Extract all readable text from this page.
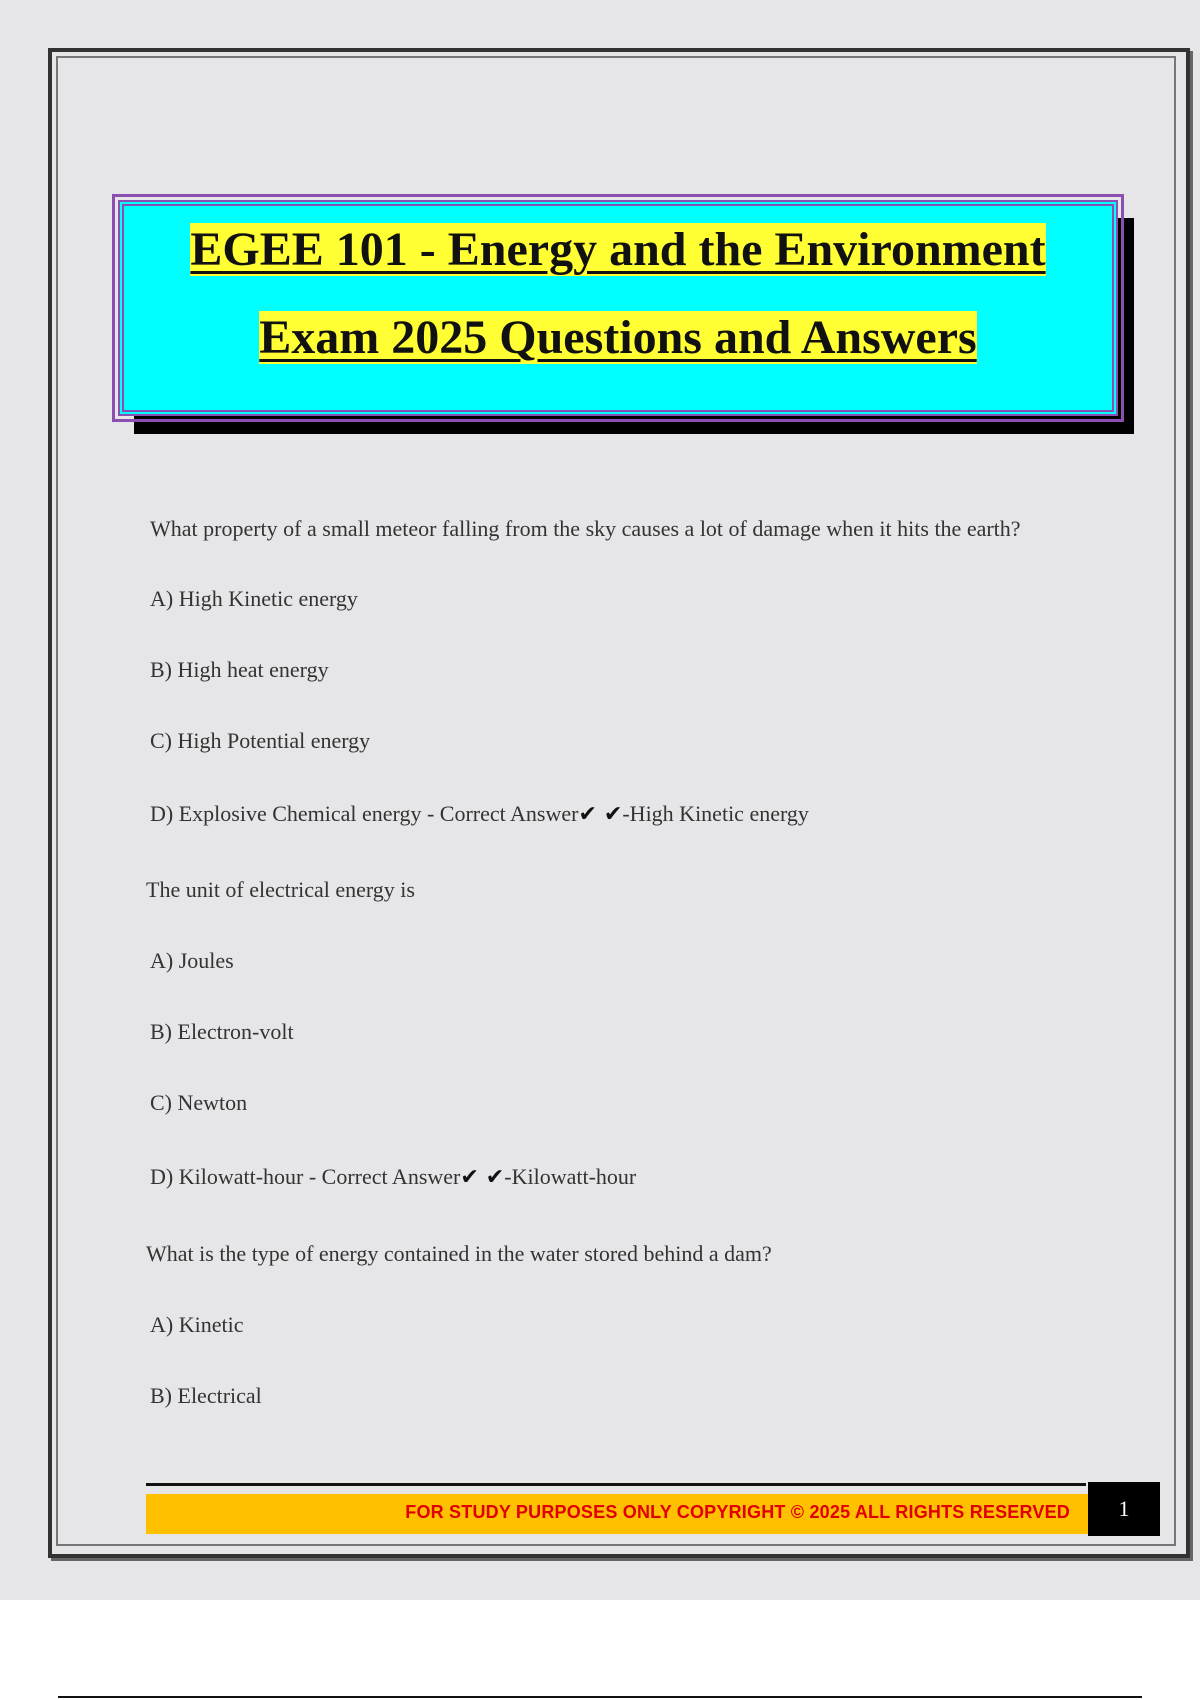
EGEE 101 - Energy and the Environment
Exam 2025 Questions and Answers
What property of a small meteor falling from the sky causes a lot of damage when it hits the earth?
A) High Kinetic energy
B) High heat energy
C) High Potential energy
D) Explosive Chemical energy - Correct Answer✔ ✔-High Kinetic energy
The unit of electrical energy is
A) Joules
B) Electron-volt
C) Newton
D) Kilowatt-hour - Correct Answer✔ ✔-Kilowatt-hour
What is the type of energy contained in the water stored behind a dam?
A) Kinetic
B) Electrical
FOR STUDY PURPOSES ONLY COPYRIGHT © 2025 ALL RIGHTS RESERVED	1
